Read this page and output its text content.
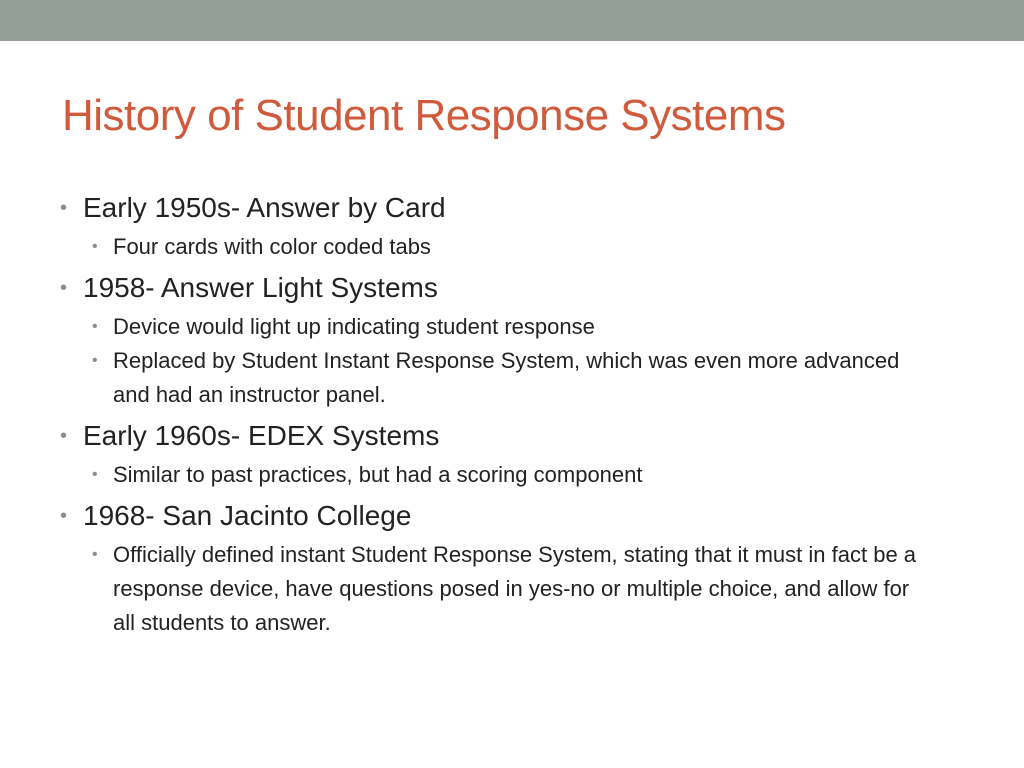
History of Student Response Systems
• Early 1950s- Answer by Card
• Four cards with color coded tabs
• 1958- Answer Light Systems
• Device would light up indicating student response
• Replaced by Student Instant Response System, which was even more advanced and had an instructor panel.
• Early 1960s- EDEX Systems
• Similar to past practices, but had a scoring component
• 1968- San Jacinto College
• Officially defined instant Student Response System, stating that it must in fact be a response device, have questions posed in yes-no or multiple choice, and allow for all students to answer.
